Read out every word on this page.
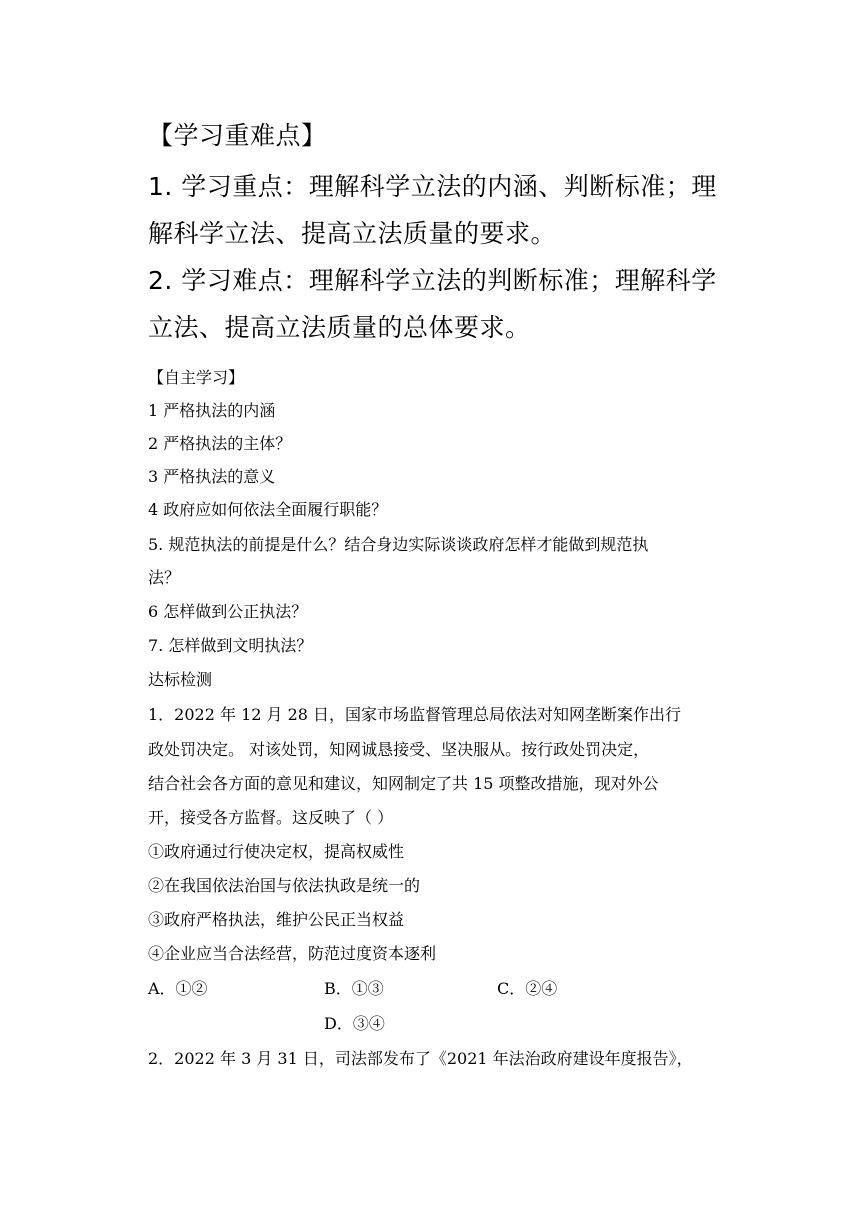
【学习重难点】
1. 学习重点：理解科学立法的内涵、判断标准；理
解科学立法、提高立法质量的要求。
2. 学习难点：理解科学立法的判断标准；理解科学
立法、提高立法质量的总体要求。
【自主学习】
1 严格执法的内涵
2 严格执法的主体？
3 严格执法的意义
4 政府应如何依法全面履行职能？
5. 规范执法的前提是什么？结合身边实际谈谈政府怎样才能做到规范执
法？
6 怎样做到公正执法？
7. 怎样做到文明执法？
达标检测
1．2022 年 12 月 28 日，国家市场监督管理总局依法对知网垄断案作出行
政处罚决定。 对该处罚，知网诚恳接受、坚决服从。按行政处罚决定，
结合社会各方面的意见和建议，知网制定了共 15 项整改措施，现对外公
开，接受各方监督。这反映了（ ）
①政府通过行使决定权，提高权威性
②在我国依法治国与依法执政是统一的
③政府严格执法，维护公民正当权益
④企业应当合法经营，防范过度资本逐利
A．①②	B．①③	C．②④
D．③④
2．2022 年 3 月 31 日，司法部发布了《2021 年法治政府建设年度报告》，
